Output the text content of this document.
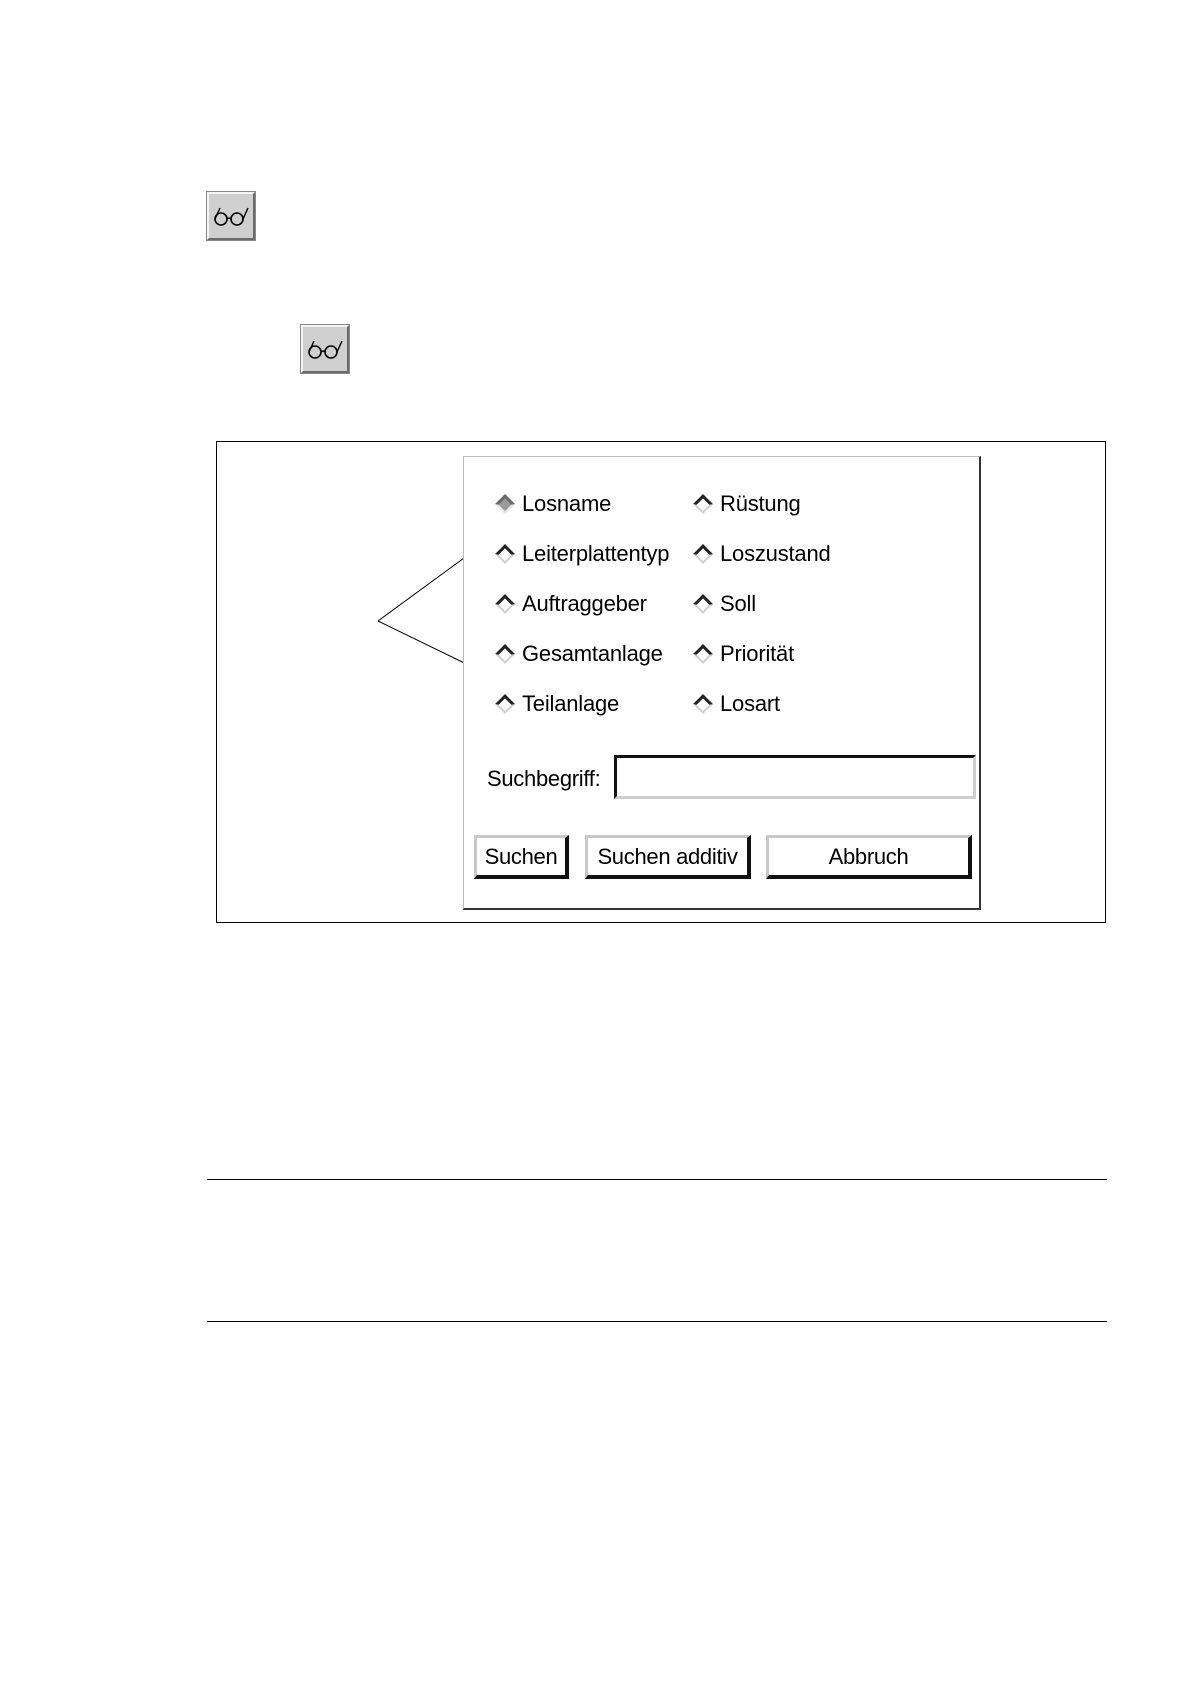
Losname
Leiterplattentyp
Auftraggeber
Gesamtanlage
Teilanlage
Rüstung
Loszustand
Soll
Priorität
Losart
Suchbegriff:
Suchen	Suchen additiv	Abbruch
